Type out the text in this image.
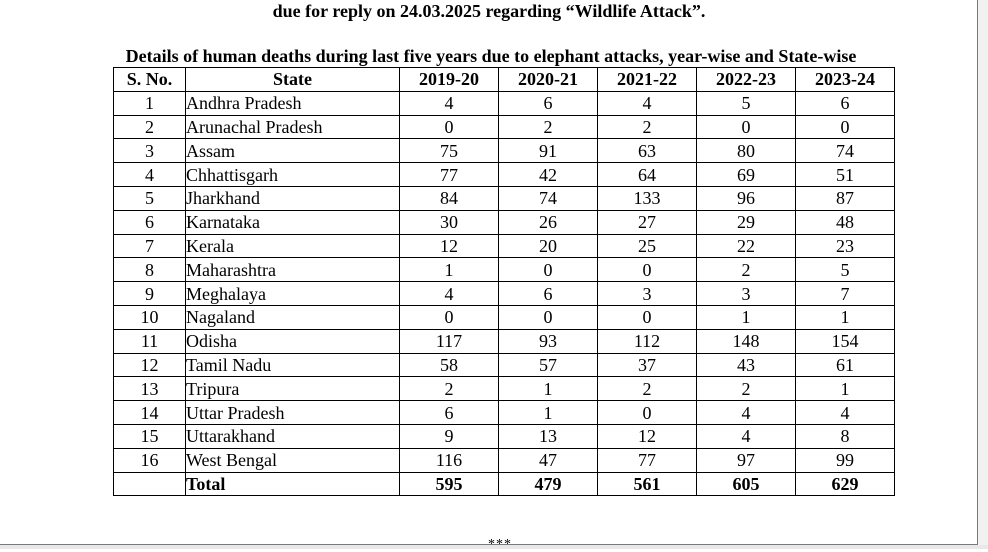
due for reply on 24.03.2025 regarding “Wildlife Attack”.
Details of human deaths during last five years due to elephant attacks, year-wise and State-wise
S. No.	State	2019-20	2020-21	2021-22	2022-23	2023-24
1	Andhra Pradesh	4	6	4	5	6
2	Arunachal Pradesh	0	2	2	0	0
3	Assam	75	91	63	80	74
4	Chhattisgarh	77	42	64	69	51
5	Jharkhand	84	74	133	96	87
6	Karnataka	30	26	27	29	48
7	Kerala	12	20	25	22	23
8	Maharashtra	1	0	0	2	5
9	Meghalaya	4	6	3	3	7
10	Nagaland	0	0	0	1	1
11	Odisha	117	93	112	148	154
12	Tamil Nadu	58	57	37	43	61
13	Tripura	2	1	2	2	1
14	Uttar Pradesh	6	1	0	4	4
15	Uttarakhand	9	13	12	4	8
16	West Bengal	116	47	77	97	99
	Total	595	479	561	605	629
